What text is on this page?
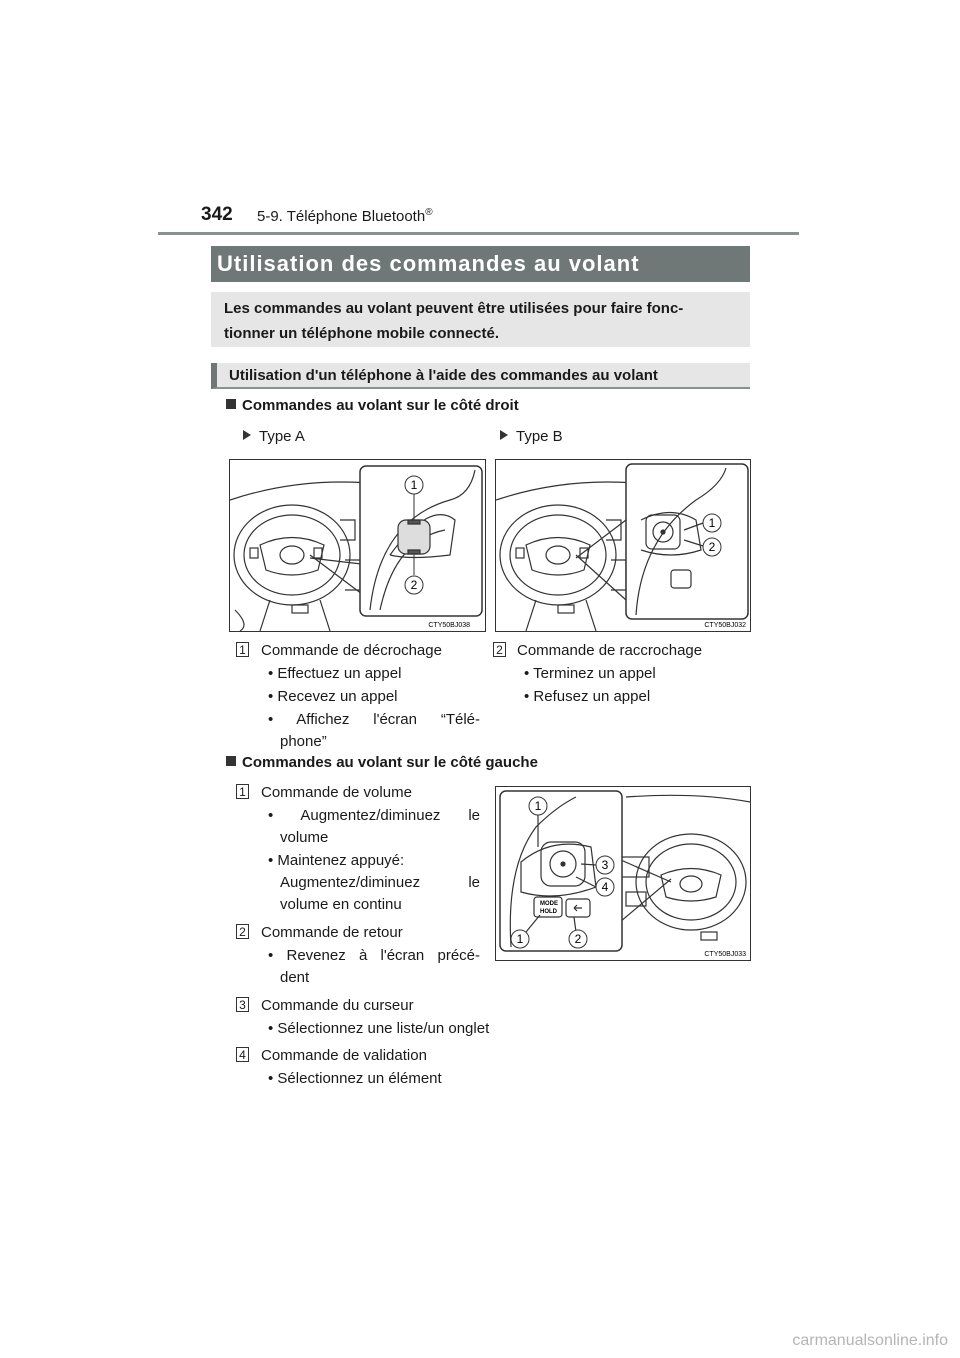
342 5-9. Téléphone Bluetooth®
Utilisation des commandes au volant
Les commandes au volant peuvent être utilisées pour faire fonc-
tionner un téléphone mobile connecté.
Utilisation d'un téléphone à l'aide des commandes au volant
Commandes au volant sur le côté droit
Type A	Type B
1
2
CTY50BJ038
1
2
CTY50BJ032
1 Commande de décrochage
• Effectuez un appel
• Recevez un appel
• Affichez l'écran “Télé-
phone”
2 Commande de raccrochage
• Terminez un appel
• Refusez un appel
Commandes au volant sur le côté gauche
MODE
HOLD
1
3
4
1	2
CTY50BJ033
1 Commande de volume
• Augmentez/diminuez le
volume
• Maintenez appuyé:
Augmentez/diminuez le
volume en continu
2 Commande de retour
• Revenez à l'écran précé-
dent
3 Commande du curseur
• Sélectionnez une liste/un onglet
4 Commande de validation
• Sélectionnez un élément
carmanualsonline.info
